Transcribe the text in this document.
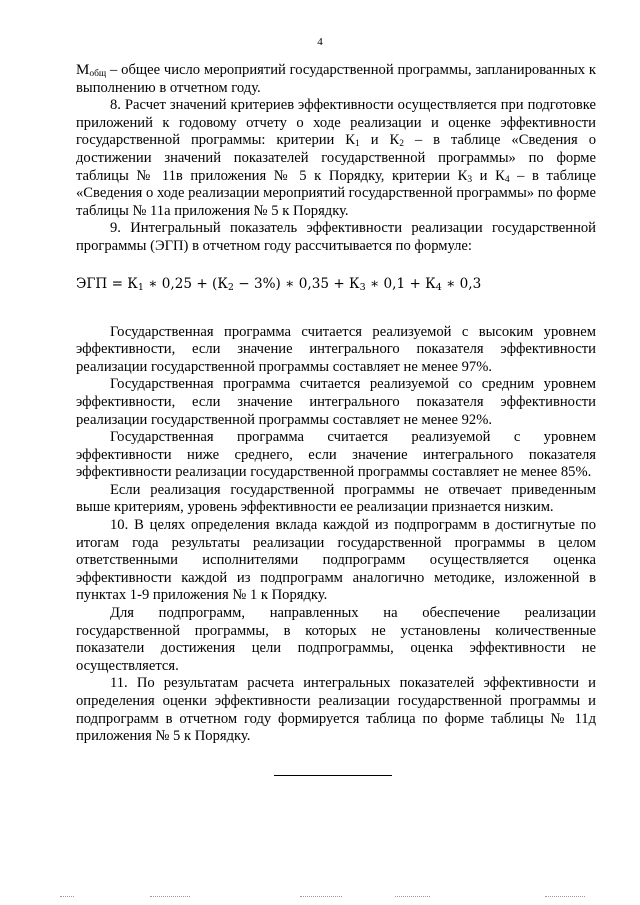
4

$М_{общ}$ – общее число мероприятий государственной программы, запланированных к выполнению в отчетном году.

8. Расчет значений критериев эффективности осуществляется при подготовке приложений к годовому отчету о ходе реализации и оценке эффективности государственной программы: критерии $К_1$ и $К_2$ – в таблице «Сведения о достижении значений показателей государственной программы» по форме таблицы № 11в приложения № 5 к Порядку, критерии $К_3$ и $К_4$ – в таблице «Сведения о ходе реализации мероприятий государственной программы» по форме таблицы № 11а приложения № 5 к Порядку.

9. Интегральный показатель эффективности реализации государственной программы (ЭГП) в отчетном году рассчитывается по формуле:

ЭГП = $К_1$ ∗ $0,25 + (К_2 - 3\%)$ ∗ $0,35 + К_3$ ∗ $0,1 + К_4$ ∗ 0,3

Государственная программа считается реализуемой с высоким уровнем эффективности, если значение интегрального показателя эффективности реализации государственной программы составляет не менее 97%.

Государственная программа считается реализуемой со средним уровнем эффективности, если значение интегрального показателя эффективности реализации государственной программы составляет не менее 92%.

Государственная программа считается реализуемой с уровнем эффективности ниже среднего, если значение интегрального показателя эффективности реализации государственной программы составляет не менее 85%.

Если реализация государственной программы не отвечает приведенным выше критериям, уровень эффективности ее реализации признается низким.

10. В целях определения вклада каждой из подпрограмм в достигнутые по итогам года результаты реализации государственной программы в целом ответственными исполнителями подпрограмм осуществляется оценка эффективности каждой из подпрограмм аналогично методике, изложенной в пунктах 1-9 приложения № 1 к Порядку.

Для подпрограмм, направленных на обеспечение реализации государственной программы, в которых не установлены количественные показатели достижения цели подпрограммы, оценка эффективности не осуществляется.

11. По результатам расчета интегральных показателей эффективности и определения оценки эффективности реализации государственной программы и подпрограмм в отчетном году формируется таблица по форме таблицы № 11д приложения № 5 к Порядку.
